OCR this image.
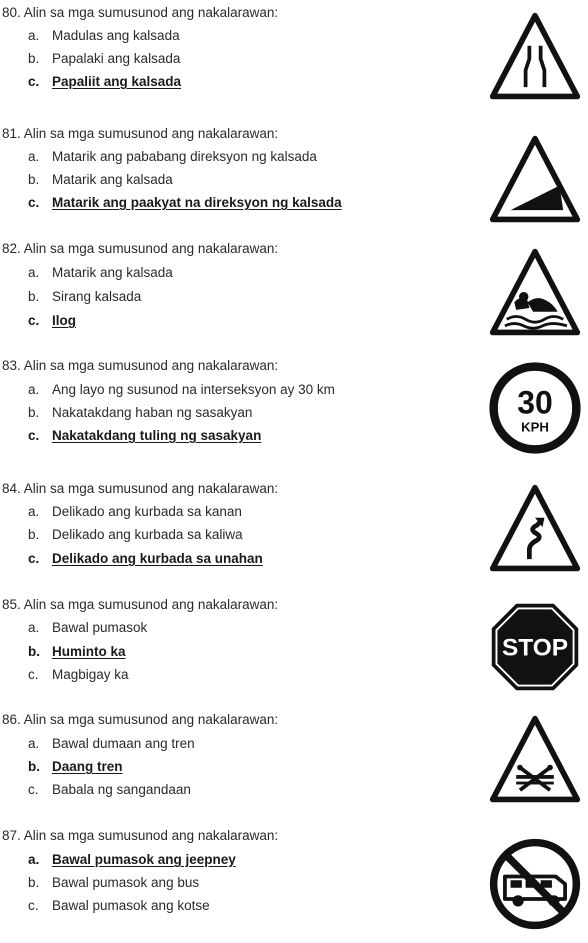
80. Alin sa mga sumusunod ang nakalarawan:
a. Madulas ang kalsada
b. Papalaki ang kalsada
c. Papaliit ang kalsada
81. Alin sa mga sumusunod ang nakalarawan:
a. Matarik ang pababang direksyon ng kalsada
b. Matarik ang kalsada
c. Matarik ang paakyat na direksyon ng kalsada
82. Alin sa mga sumusunod ang nakalarawan:
a. Matarik ang kalsada
b. Sirang kalsada
c. Ilog
83. Alin sa mga sumusunod ang nakalarawan:
a. Ang layo ng susunod na interseksyon ay 30 km
b. Nakatakdang haban ng sasakyan
c. Nakatakdang tuling ng sasakyan
30
KPH
84. Alin sa mga sumusunod ang nakalarawan:
a. Delikado ang kurbada sa kanan
b. Delikado ang kurbada sa kaliwa
c. Delikado ang kurbada sa unahan
85. Alin sa mga sumusunod ang nakalarawan:
a. Bawal pumasok
b. Huminto ka
c. Magbigay ka
STOP
86. Alin sa mga sumusunod ang nakalarawan:
a. Bawal dumaan ang tren
b. Daang tren
c. Babala ng sangandaan
87. Alin sa mga sumusunod ang nakalarawan:
a. Bawal pumasok ang jeepney
b. Bawal pumasok ang bus
c. Bawal pumasok ang kotse
